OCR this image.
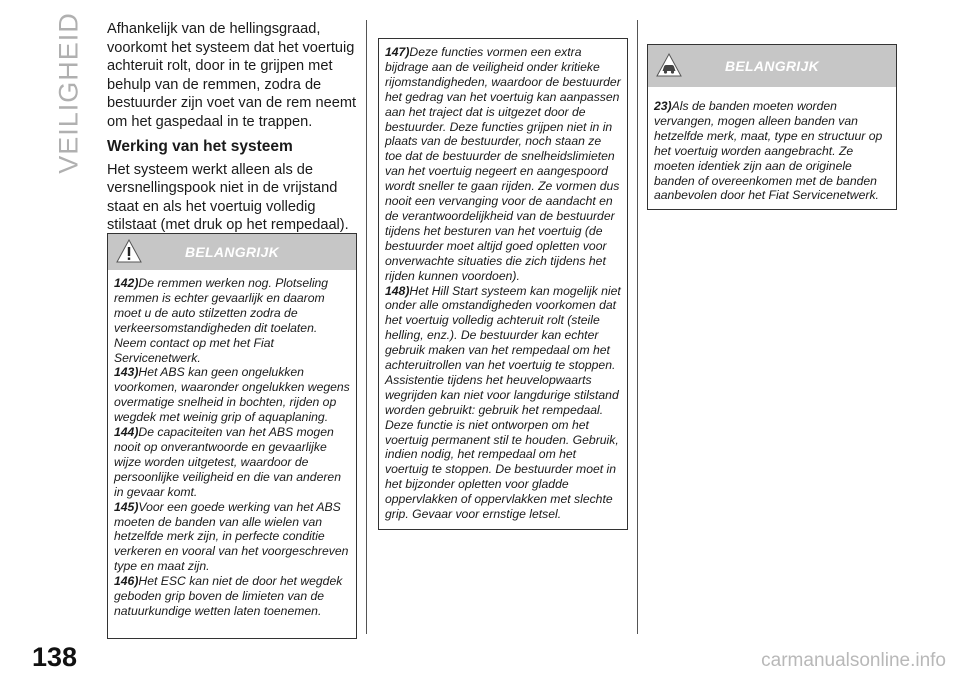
VEILIGHEID Afhankelijk van de hellingsgraad, voorkomt het systeem dat het voertuig achteruit rolt, door in te grijpen met behulp van de remmen, zodra de bestuurder zijn voet van de rem neemt om het gaspedaal in te trappen.

Werking van het systeem

Het systeem werkt alleen als de versnellingspook niet in de vrijstand staat en als het voertuig volledig stilstaat (met druk op het rempedaal).

BELANGRIJK

142)De remmen werken nog. Plotseling remmen is echter gevaarlijk en daarom moet u de auto stilzetten zodra de verkeersomstandigheden dit toelaten. Neem contact op met het Fiat Servicenetwerk.

143)Het ABS kan geen ongelukken voorkomen, waaronder ongelukken wegens overmatige snelheid in bochten, rijden op wegdek met weinig grip of aquaplaning.

144)De capaciteiten van het ABS mogen nooit op onverantwoorde en gevaarlijke wijze worden uitgetest, waardoor de persoonlijke veiligheid en die van anderen in gevaar komt.

145)Voor een goede werking van het ABS moeten de banden van alle wielen van hetzelfde merk zijn, in perfecte conditie verkeren en vooral van het voorgeschreven type en maat zijn.

146)Het ESC kan niet de door het wegdek geboden grip boven de limieten van de natuurkundige wetten laten toenemen.

147)Deze functies vormen een extra bijdrage aan de veiligheid onder kritieke rijomstandigheden, waardoor de bestuurder het gedrag van het voertuig kan aanpassen aan het traject dat is uitgezet door de bestuurder. Deze functies grijpen niet in in plaats van de bestuurder, noch staan ze toe dat de bestuurder de snelheidslimieten van het voertuig negeert en aangespoord wordt sneller te gaan rijden. Ze vormen dus nooit een vervanging voor de aandacht en de verantwoordelijkheid van de bestuurder tijdens het besturen van het voertuig (de bestuurder moet altijd goed opletten voor onverwachte situaties die zich tijdens het rijden kunnen voordoen).

148)Het Hill Start systeem kan mogelijk niet onder alle omstandigheden voorkomen dat het voertuig volledig achteruit rolt (steile helling, enz.). De bestuurder kan echter gebruik maken van het rempedaal om het achteruitrollen van het voertuig te stoppen. Assistentie tijdens het heuvelopwaarts wegrijden kan niet voor langdurige stilstand worden gebruikt: gebruik het rempedaal. Deze functie is niet ontworpen om het voertuig permanent stil te houden. Gebruik, indien nodig, het rempedaal om het voertuig te stoppen. De bestuurder moet in het bijzonder opletten voor gladde oppervlakken of oppervlakken met slechte grip. Gevaar voor ernstige letsel.

BELANGRIJK

23)Als de banden moeten worden vervangen, mogen alleen banden van hetzelfde merk, maat, type en structuur op het voertuig worden aangebracht. Ze moeten identiek zijn aan de originele banden of overeenkomen met de banden aanbevolen door het Fiat Servicenetwerk.

138	carmanualsonline.info
